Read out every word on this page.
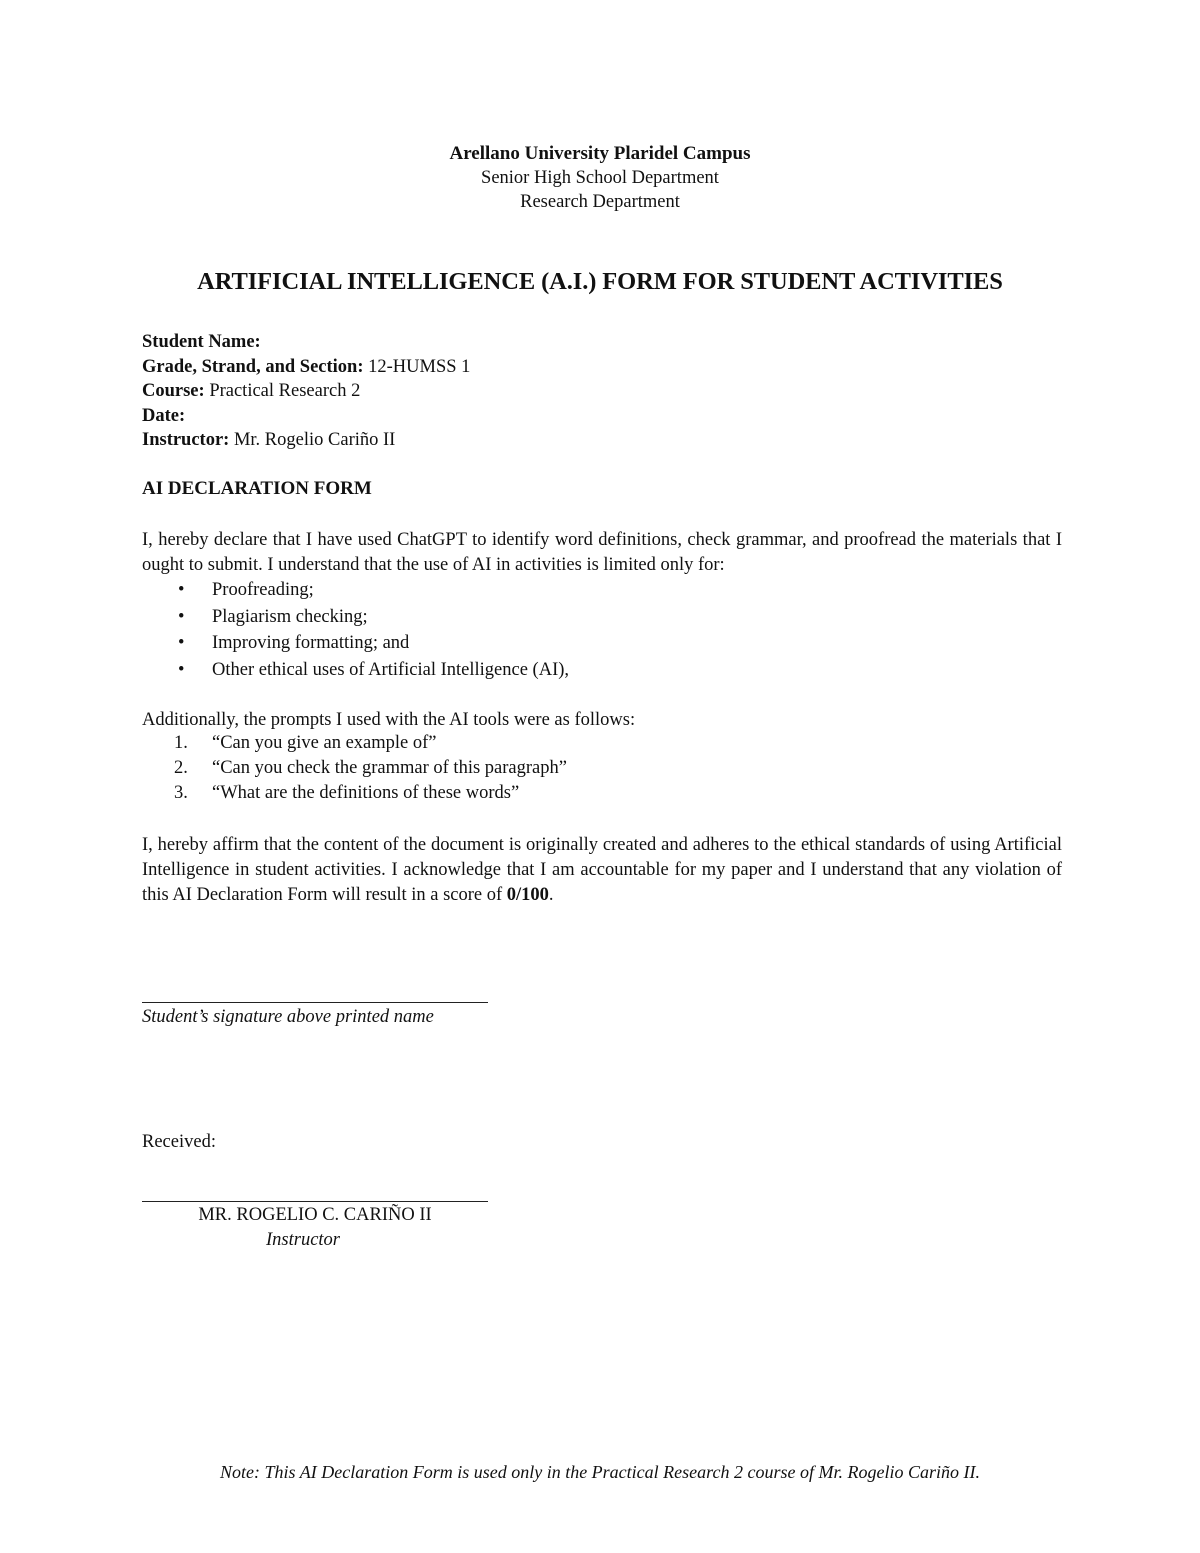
Arellano University Plaridel Campus
Senior High School Department
Research Department
ARTIFICIAL INTELLIGENCE (A.I.) FORM FOR STUDENT ACTIVITIES
Student Name:
Grade, Strand, and Section: 12-HUMSS 1
Course: Practical Research 2
Date:
Instructor: Mr. Rogelio Cariño II
AI DECLARATION FORM
I, hereby declare that I have used ChatGPT to identify word definitions, check grammar, and proofread the materials that I ought to submit. I understand that the use of AI in activities is limited only for:
• Proofreading;
• Plagiarism checking;
• Improving formatting; and
• Other ethical uses of Artificial Intelligence (AI),
Additionally, the prompts I used with the AI tools were as follows:
1. “Can you give an example of”
2. “Can you check the grammar of this paragraph”
3. “What are the definitions of these words”
I, hereby affirm that the content of the document is originally created and adheres to the ethical standards of using Artificial Intelligence in student activities. I acknowledge that I am accountable for my paper and I understand that any violation of this AI Declaration Form will result in a score of 0/100.
Student’s signature above printed name
Received:
MR. ROGELIO C. CARIÑO II
Instructor
Note: This AI Declaration Form is used only in the Practical Research 2 course of Mr. Rogelio Cariño II.
